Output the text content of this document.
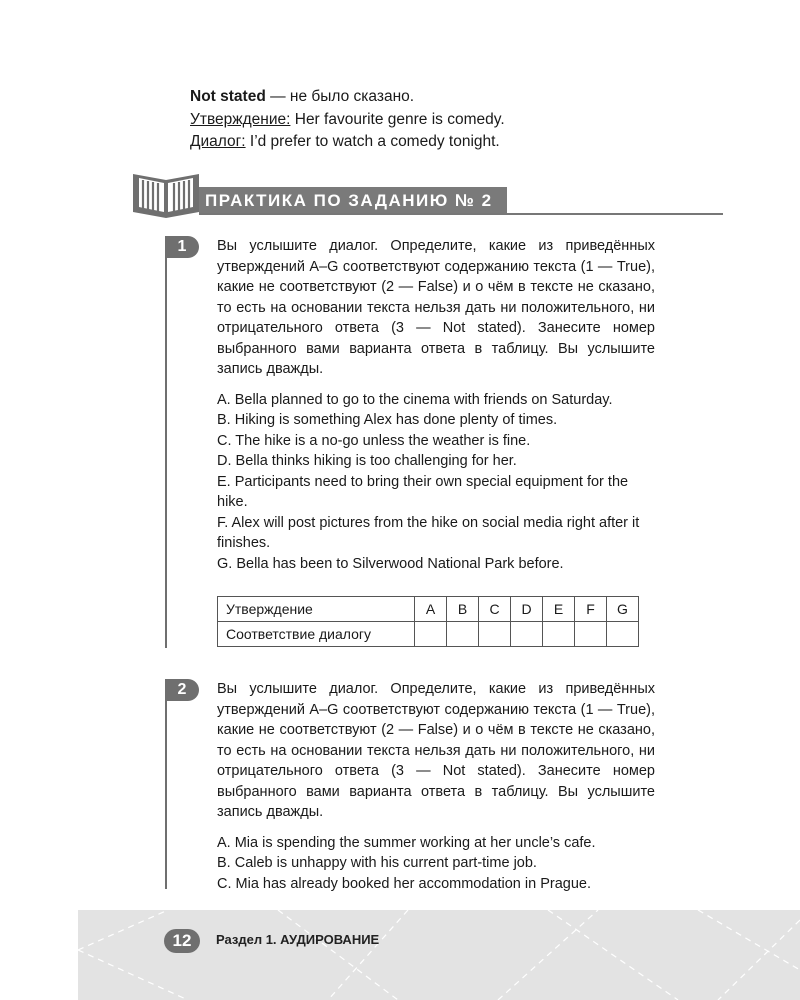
Not stated — не было сказано.

Утверждение: Her favourite genre is comedy.

Диалог: I’d prefer to watch a comedy tonight.

ПРАКТИКА ПО ЗАДАНИЮ № 2
1	Вы услышите диалог. Определите, какие из приведённых утверждений A–G соответствуют содержанию текста (1 — True), какие не соответствуют (2 — False) и о чём в тексте не сказано, то есть на основании текста нельзя дать ни положительного, ни отрицательного ответа (3 — Not stated). Занесите номер выбранного вами варианта ответа в таблицу. Вы услышите запись дважды.

A. Bella planned to go to the cinema with friends on Saturday.
B. Hiking is something Alex has done plenty of times.
C. The hike is a no-go unless the weather is fine.
D. Bella thinks hiking is too challenging for her.
E. Participants need to bring their own special equipment for the hike.
F. Alex will post pictures from the hike on social media right after it finishes.
G. Bella has been to Silverwood National Park before.
Утверждение	A	B	C	D	E	F	G
Соответствие диалогу							
2	Вы услышите диалог. Определите, какие из приведённых утверждений A–G соответствуют содержанию текста (1 — True), какие не соответствуют (2 — False) и о чём в тексте не сказано, то есть на основании текста нельзя дать ни положительного, ни отрицательного ответа (3 — Not stated). Занесите номер выбранного вами варианта ответа в таблицу. Вы услышите запись дважды.

A. Mia is spending the summer working at her uncle’s cafe.
B. Caleb is unhappy with his current part-time job.
C. Mia has already booked her accommodation in Prague.
12	Раздел 1. АУДИРОВАНИЕ
